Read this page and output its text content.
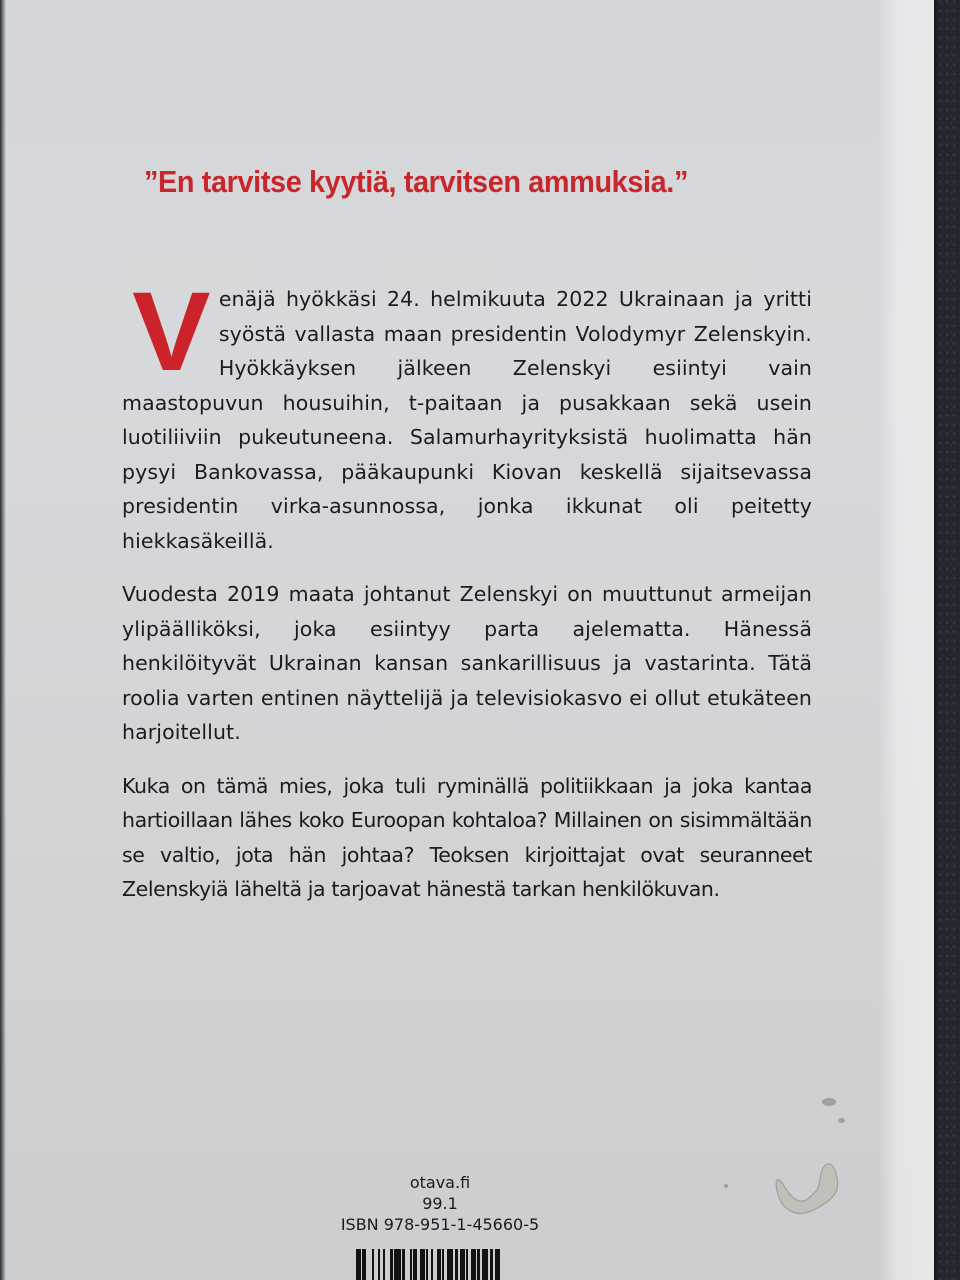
”En tarvitse kyytiä, tarvitsen ammuksia.”

Venäjä hyökkäsi 24. helmikuuta 2022 Ukrainaan ja yritti syöstä vallasta maan presidentin Volodymyr Zelenskyin. Hyökkäyksen jälkeen Zelenskyi esiintyi vain maastopuvun housuihin, t-paitaan ja pusakkaan sekä usein luotiliiviin pukeutuneena. Salamurhayrityksistä huolimatta hän pysyi Bankovassa, pääkaupunki Kiovan keskellä sijaitsevassa presidentin virka-asunnossa, jonka ikkunat oli peitetty hiekkasäkeillä.

Vuodesta 2019 maata johtanut Zelenskyi on muuttunut armeijan ylipäälliköksi, joka esiintyy parta ajelematta. Hänessä henkilöityvät Ukrainan kansan sankarillisuus ja vastarinta. Tätä roolia varten entinen näyttelijä ja televisiokasvo ei ollut etukäteen harjoitellut.

Kuka on tämä mies, joka tuli ryminällä politiikkaan ja joka kantaa hartioillaan lähes koko Euroopan kohtaloa? Millainen on sisimmältään se valtio, jota hän johtaa? Teoksen kirjoittajat ovat seuranneet Zelenskyiä läheltä ja tarjoavat hänestä tarkan henkilökuvan.

otava.fi
99.1
ISBN 978-951-1-45660-5
